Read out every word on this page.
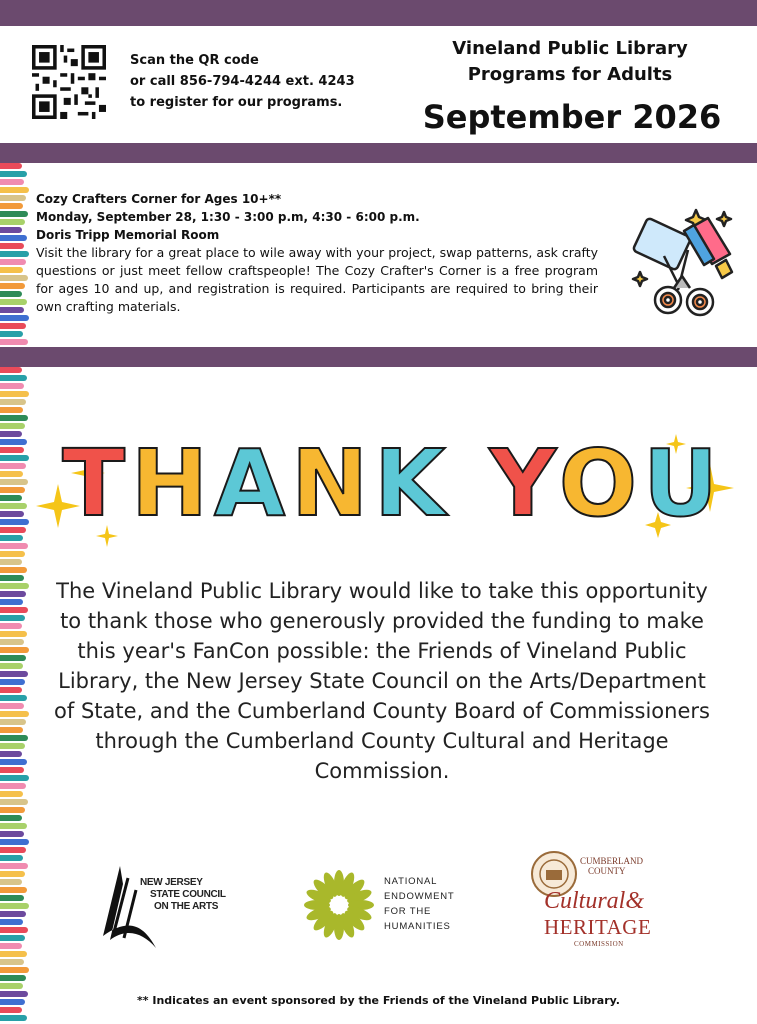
Scan the QR code
or call 856-794-4244 ext. 4243
to register for our programs.
Vineland Public Library
Programs for Adults
September 2026
Cozy Crafters Corner for Ages 10+**
Monday, September 28, 1:30 - 3:00 p.m, 4:30 - 6:00 p.m.
Doris Tripp Memorial Room
Visit the library for a great place to wile away with your project, swap patterns, ask crafty questions or just meet fellow craftspeople! The Cozy Crafter's Corner is a free program for ages 10 and up, and registration is required. Participants are required to bring their own crafting materials.
THANK YOU
The Vineland Public Library would like to take this opportunity to thank those who generously provided the funding to make this year's FanCon possible: the Friends of Vineland Public Library, the New Jersey State Council on the Arts/Department of State, and the Cumberland County Board of Commissioners through the Cumberland County Cultural and Heritage Commission.
NEW JERSEY
STATE COUNCIL
ON THE ARTS
NATIONAL
ENDOWMENT
FOR THE
HUMANITIES
CUMBERLAND
COUNTY
Cultural&
HERITAGE
COMMISSION
** Indicates an event sponsored by the Friends of the Vineland Public Library.
